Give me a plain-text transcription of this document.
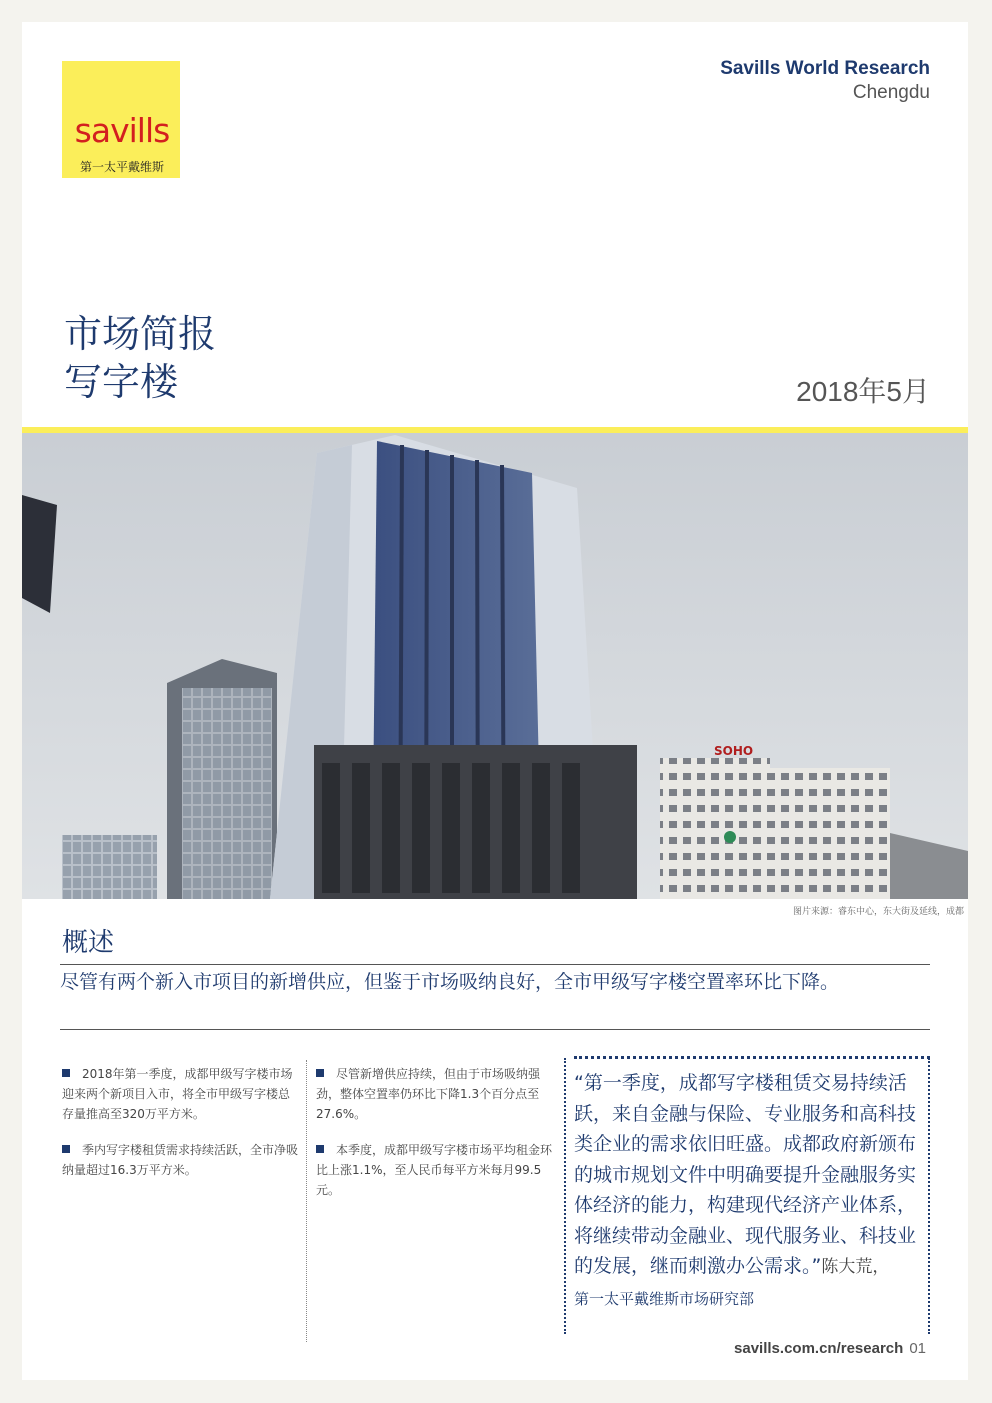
savills
第一太平戴维斯
Savills World Research
Chengdu
市场简报
写字楼	2018年5月
SOHO
图片来源：睿东中心，东大街及延线，成都
概述
尽管有两个新入市项目的新增供应，但鉴于市场吸纳良好，全市甲级写字楼空置率环比下降。
2018年第一季度，成都甲级写字楼市场迎来两个新项目入市，将全市甲级写字楼总存量推高至320万平方米。
季内写字楼租赁需求持续活跃，全市净吸纳量超过16.3万平方米。
尽管新增供应持续，但由于市场吸纳强劲，整体空置率仍环比下降1.3个百分点至27.6%。
本季度，成都甲级写字楼市场平均租金环比上涨1.1%，至人民币每平方米每月99.5元。
“第一季度，成都写字楼租赁交易持续活跃，来自金融与保险、专业服务和高科技类企业的需求依旧旺盛。成都政府新颁布的城市规划文件中明确要提升金融服务实体经济的能力，构建现代经济产业体系，将继续带动金融业、现代服务业、科技业的发展，继而刺激办公需求。”陈大荒，
第一太平戴维斯市场研究部
savills.com.cn/research 01
